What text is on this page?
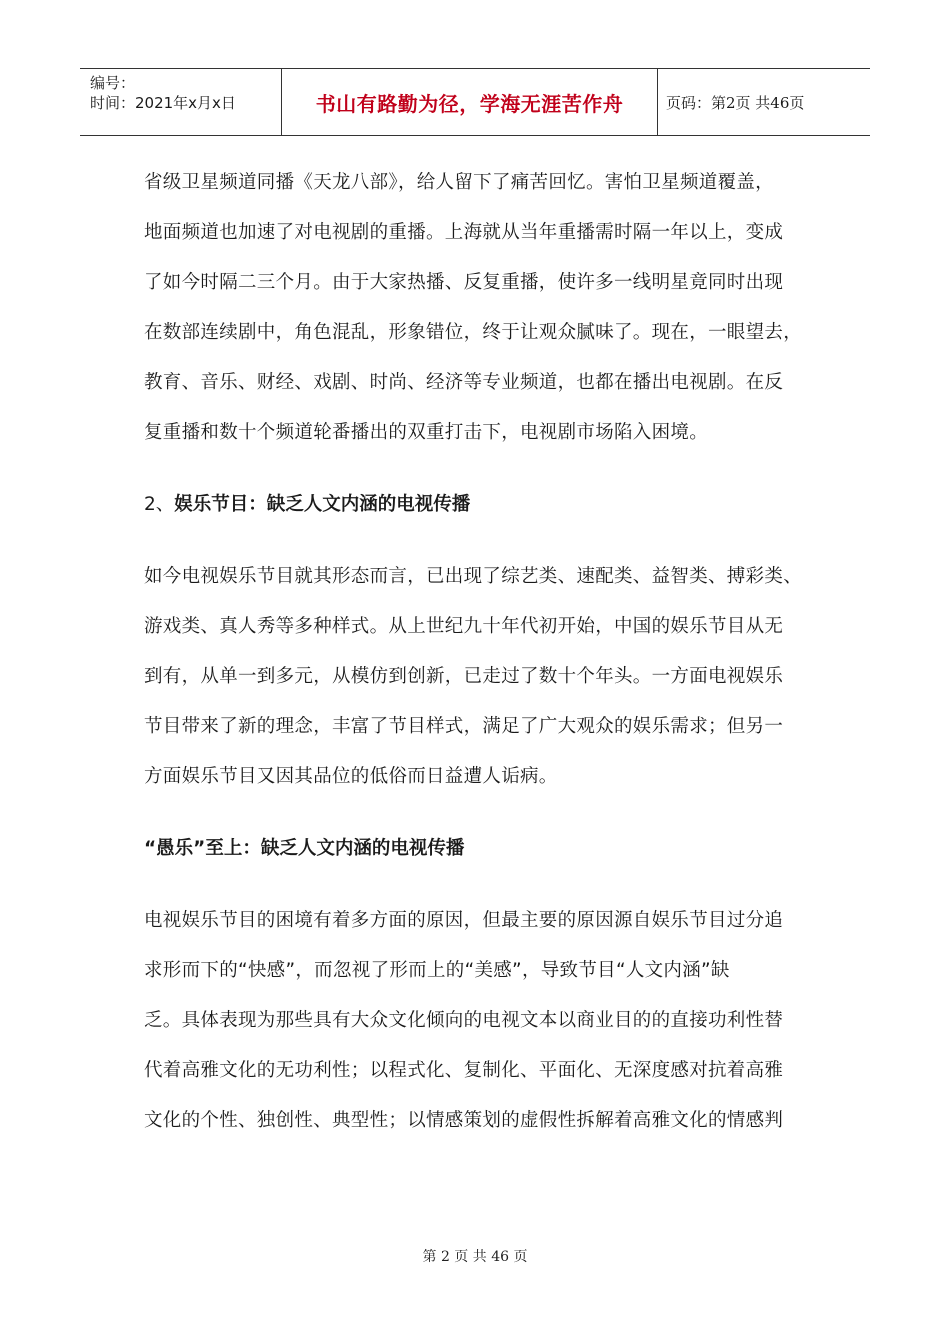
编号：
时间：2021年x月x日	书山有路勤为径，学海无涯苦作舟	页码：第2页 共46页

省级卫星频道同播《天龙八部》，给人留下了痛苦回忆。害怕卫星频道覆盖，

地面频道也加速了对电视剧的重播。上海就从当年重播需时隔一年以上，变成

了如今时隔二三个月。由于大家热播、反复重播，使许多一线明星竟同时出现

在数部连续剧中，角色混乱，形象错位，终于让观众腻味了。现在，一眼望去，

教育、音乐、财经、戏剧、时尚、经济等专业频道，也都在播出电视剧。在反

复重播和数十个频道轮番播出的双重打击下，电视剧市场陷入困境。

2、娱乐节目：缺乏人文内涵的电视传播

如今电视娱乐节目就其形态而言，已出现了综艺类、速配类、益智类、搏彩类、

游戏类、真人秀等多种样式。从上世纪九十年代初开始，中国的娱乐节目从无

到有，从单一到多元，从模仿到创新，已走过了数十个年头。一方面电视娱乐

节目带来了新的理念，丰富了节目样式，满足了广大观众的娱乐需求；但另一

方面娱乐节目又因其品位的低俗而日益遭人诟病。

“愚乐”至上：缺乏人文内涵的电视传播

电视娱乐节目的困境有着多方面的原因，但最主要的原因源自娱乐节目过分追

求形而下的“快感”，而忽视了形而上的“美感”，导致节目“人文内涵”缺

乏。具体表现为那些具有大众文化倾向的电视文本以商业目的的直接功利性替

代着高雅文化的无功利性；以程式化、复制化、平面化、无深度感对抗着高雅

文化的个性、独创性、典型性；以情感策划的虚假性拆解着高雅文化的情感判

第 2 页 共 46 页
